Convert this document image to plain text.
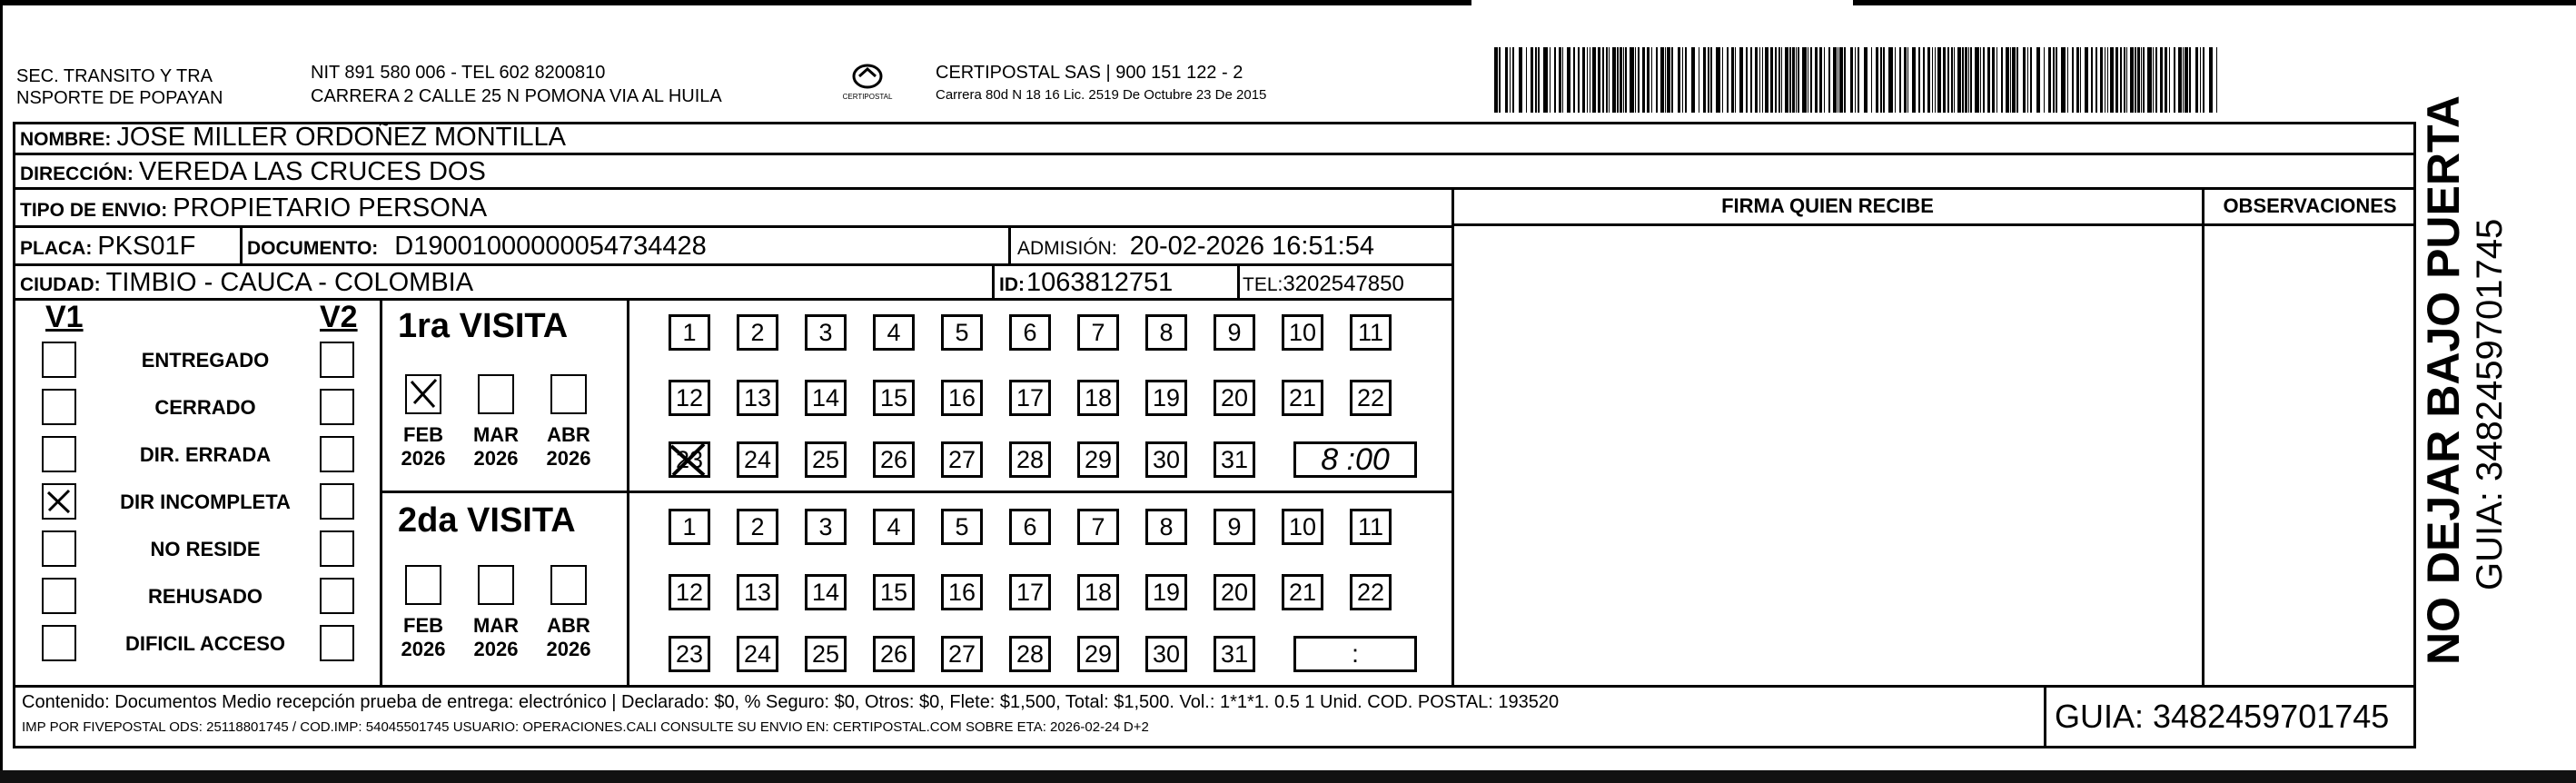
SEC. TRANSITO Y TRA
NSPORTE DE POPAYAN
NIT 891 580 006 - TEL 602 8200810
CARRERA 2 CALLE 25 N POMONA VIA AL HUILA	CERTIPOSTAL
CERTIPOSTAL SAS | 900 151 122 - 2
Carrera 80d N 18 16 Lic. 2519 De Octubre 23 De 2015
NOMBRE: JOSE MILLER ORDOÑEZ MONTILLA
DIRECCIÓN: VEREDA LAS CRUCES DOS
TIPO DE ENVIO: PROPIETARIO PERSONA
PLACA: PKS01F	DOCUMENTO: D19001000000054734428	ADMISIÓN: 20-02-2026 16:51:54
CIUDAD: TIMBIO - CAUCA - COLOMBIA	ID:1063812751	TEL:3202547850
FIRMA QUIEN RECIBE	OBSERVACIONES
V1	V2
ENTREGADO
CERRADO
DIR. ERRADA
DIR INCOMPLETA
NO RESIDE
REHUSADO
DIFICIL ACCESO
1ra VISITA
2da VISITA
FEB
2026
MAR
2026
ABR
2026
FEB
2026
MAR
2026
ABR
2026
1	2	3	4	5	6	7	8	9	10	11
12 13 14 15 16 17 18 19 20 21 22
23 24 25 26 27 28 29 30 31	8 :00
1	2	3	4	5	6	7	8	9	10	11
12 13 14 15 16 17 18 19 20 21 22
23 24 25 26 27 28 29 30 31	:
Contenido: Documentos Medio recepción prueba de entrega: electrónico | Declarado: $0, % Seguro: $0, Otros: $0, Flete: $1,500, Total: $1,500. Vol.: 1*1*1. 0.5 1 Unid. COD. POSTAL: 193520
IMP POR FIVEPOSTAL ODS: 25118801745 / COD.IMP: 54045501745 USUARIO: OPERACIONES.CALI CONSULTE SU ENVIO EN: CERTIPOSTAL.COM SOBRE ETA: 2026-02-24 D+2	GUIA: 3482459701745
NO DEJAR BAJO PUERTA GUIA: 3482459701745
